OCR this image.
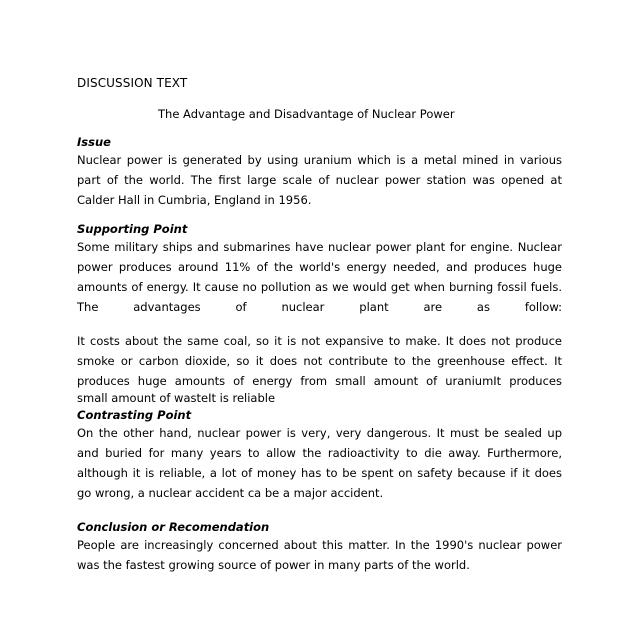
DISCUSSION TEXT
The Advantage and Disadvantage of Nuclear Power
Issue

Nuclear power is generated by using uranium which is a metal mined in various part of the world. The first large scale of nuclear power station was opened at Calder Hall in Cumbria, England in 1956.

Supporting Point

Some military ships and submarines have nuclear power plant for engine. Nuclear power produces around 11% of the world's energy needed, and produces huge amounts of energy. It cause no pollution as we would get when burning fossil fuels. The advantages of nuclear plant are as follow:

It costs about the same coal, so it is not expansive to make. It does not produce smoke or carbon dioxide, so it does not contribute to the greenhouse effect. It produces huge amounts of energy from small amount of uraniumIt produces
small amount of wasteIt is reliable

Contrasting Point

On the other hand, nuclear power is very, very dangerous. It must be sealed up and buried for many years to allow the radioactivity to die away. Furthermore, although it is reliable, a lot of money has to be spent on safety because if it does go wrong, a nuclear accident ca be a major accident.

Conclusion or Recomendation

People are increasingly concerned about this matter. In the 1990's nuclear power was the fastest growing source of power in many parts of the world.
